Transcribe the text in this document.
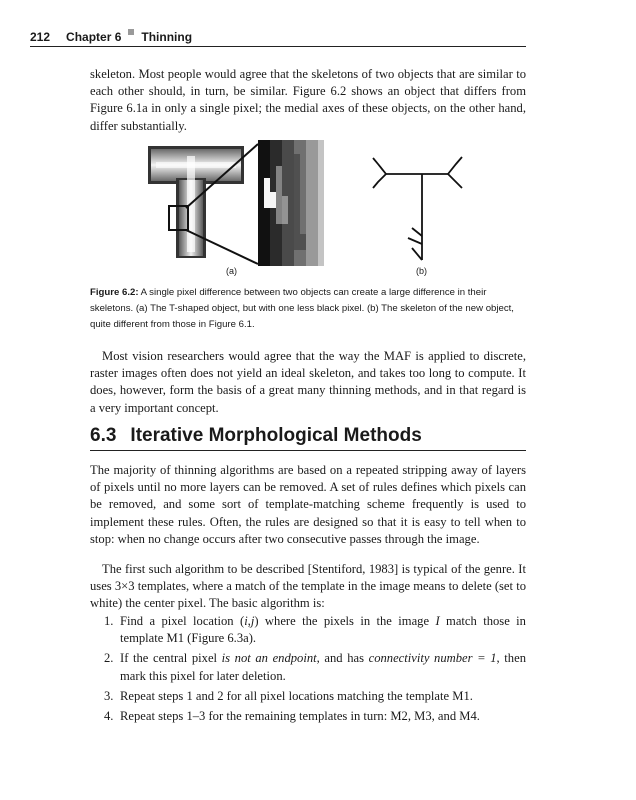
212 Chapter 6 Thinning

skeleton. Most people would agree that the skeletons of two objects that are similar to each other should, in turn, be similar. Figure 6.2 shows an object that differs from Figure 6.1a in only a single pixel; the medial axes of these objects, on the other hand, differ substantially.

(a)	(b)

Figure 6.2: A single pixel difference between two objects can create a large difference in their skeletons. (a) The T-shaped object, but with one less black pixel. (b) The skeleton of the new object, quite different from those in Figure 6.1.

Most vision researchers would agree that the way the MAF is applied to discrete, raster images often does not yield an ideal skeleton, and takes too long to compute. It does, however, form the basis of a great many thinning methods, and in that regard is a very important concept.

6.3 Iterative Morphological Methods

The majority of thinning algorithms are based on a repeated stripping away of layers of pixels until no more layers can be removed. A set of rules defines which pixels can be removed, and some sort of template-matching scheme frequently is used to implement these rules. Often, the rules are designed so that it is easy to tell when to stop: when no change occurs after two consecutive passes through the image.

The first such algorithm to be described [Stentiford, 1983] is typical of the genre. It uses 3×3 templates, where a match of the template in the image means to delete (set to white) the center pixel. The basic algorithm is:

1. Find a pixel location (i,j) where the pixels in the image I match those in template M1 (Figure 6.3a).
2. If the central pixel is not an endpoint, and has connectivity number = 1, then mark this pixel for later deletion.
3. Repeat steps 1 and 2 for all pixel locations matching the template M1.
4. Repeat steps 1–3 for the remaining templates in turn: M2, M3, and M4.
